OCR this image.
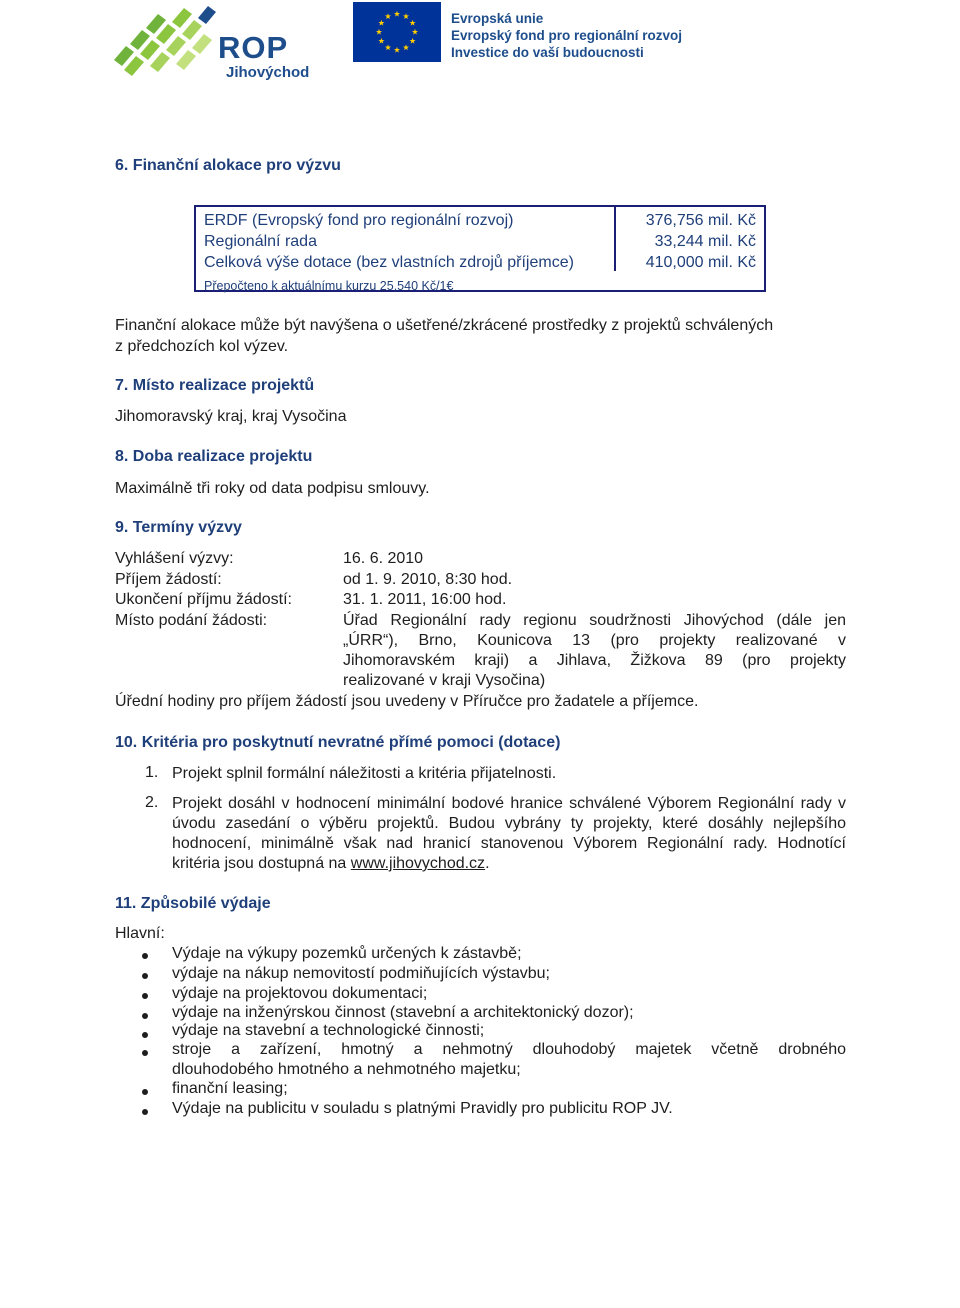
ROP
Jihovýchod
Evropská unie
Evropský fond pro regionální rozvoj
Investice do vaší budoucnosti
6. Finanční alokace pro výzvu
ERDF (Evropský fond pro regionální rozvoj)	376,756 mil. Kč
Regionální rada	33,244 mil. Kč
Celková výše dotace (bez vlastních zdrojů příjemce)	410,000 mil. Kč
Přepočteno k aktuálnímu kurzu 25,540 Kč/1€
Finanční alokace může být navýšena o ušetřené/zkrácené prostředky z projektů schválených
z předchozích kol výzev.
7. Místo realizace projektů
Jihomoravský kraj, kraj Vysočina
8. Doba realizace projektu
Maximálně tři roky od data podpisu smlouvy.
9. Termíny výzvy
Vyhlášení výzvy:	16. 6. 2010
Příjem žádostí:	od 1. 9. 2010, 8:30 hod.
Ukončení příjmu žádostí:	31. 1. 2011, 16:00 hod.
Místo podání žádosti:	Úřad Regionální rady regionu soudržnosti Jihovýchod (dále jen
„ÚRR“), Brno, Kounicova 13 (pro projekty realizované v
Jihomoravském kraji) a Jihlava, Žižkova 89 (pro projekty
realizované v kraji Vysočina)
Úřední hodiny pro příjem žádostí jsou uvedeny v Příručce pro žadatele a příjemce.
10. Kritéria pro poskytnutí nevratné přímé pomoci (dotace)
1. Projekt splnil formální náležitosti a kritéria přijatelnosti.
2. Projekt dosáhl v hodnocení minimální bodové hranice schválené Výborem Regionální rady v úvodu zasedání o výběru projektů. Budou vybrány ty projekty, které dosáhly nejlepšího hodnocení, minimálně však nad hranicí stanovenou Výborem Regionální rady. Hodnotící kritéria jsou dostupná na www.jihovychod.cz.
11. Způsobilé výdaje
Hlavní:
Výdaje na výkupy pozemků určených k zástavbě;
výdaje na nákup nemovitostí podmiňujících výstavbu;
výdaje na projektovou dokumentaci;
výdaje na inženýrskou činnost (stavební a architektonický dozor);
výdaje na stavební a technologické činnosti;
stroje a zařízení, hmotný a nehmotný dlouhodobý majetek včetně drobného
dlouhodobého hmotného a nehmotného majetku;
finanční leasing;
Výdaje na publicitu v souladu s platnými Pravidly pro publicitu ROP JV.
